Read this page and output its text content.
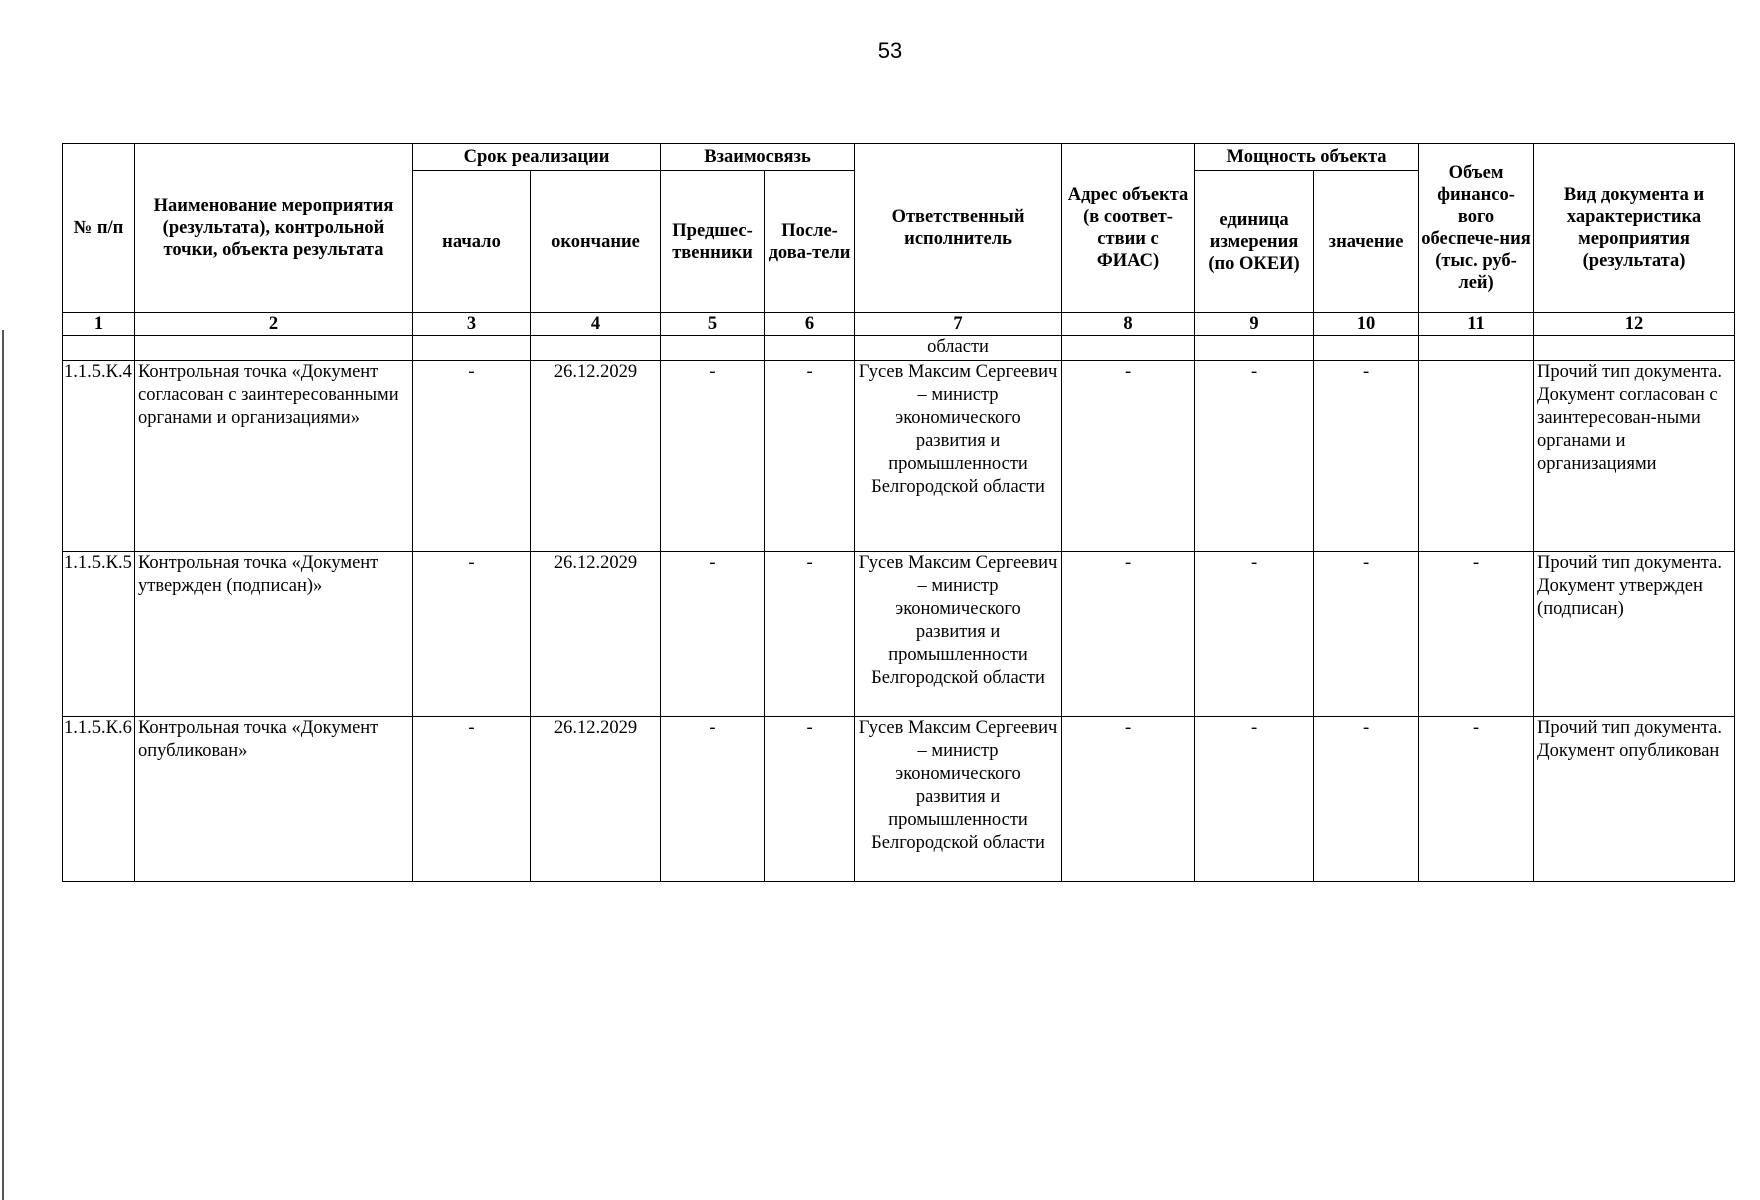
53
№ п/п	Наименование мероприятия (результата), контрольной точки, объекта результата	Срок реализации		Взаимосвязь		Ответственный исполнитель	Адрес объекта (в соответ-ствии с ФИАС)	Мощность объекта		Объем финансо-вого обеспече-ния (тыс. руб-лей)	Вид документа и характеристика мероприятия (результата)
		начало	окончание	Предшес-твенники	После-дова-тели			единица измерения (по ОКЕИ)	значение		
1	2	3	4	5	6	7	8	9	10	11	12
						области					
1.1.5.К.4	Контрольная точка «Документ согласован с заинтересованными органами и организациями»	-	26.12.2029	-	-	Гусев Максим Сергеевич – министр экономического развития и промышленности Белгородской области	-	-	-		Прочий тип документа. Документ согласован с заинтересован-ными органами и организациями
1.1.5.К.5	Контрольная точка «Документ утвержден (подписан)»	-	26.12.2029	-	-	Гусев Максим Сергеевич – министр экономического развития и промышленности Белгородской области	-	-	-	-	Прочий тип документа. Документ утвержден (подписан)
1.1.5.К.6	Контрольная точка «Документ опубликован»	-	26.12.2029	-	-	Гусев Максим Сергеевич – министр экономического развития и промышленности Белгородской области	-	-	-	-	Прочий тип документа. Документ опубликован
